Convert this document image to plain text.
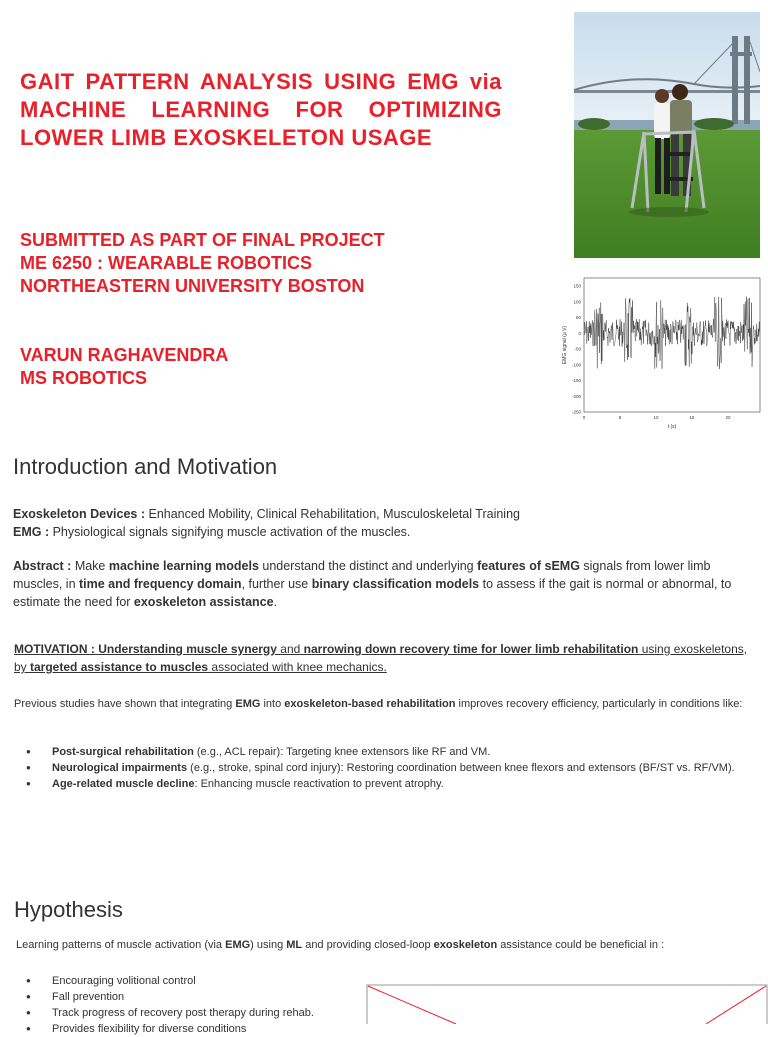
GAIT PATTERN ANALYSIS USING EMG via MACHINE LEARNING FOR OPTIMIZING LOWER LIMB EXOSKELETON USAGE
SUBMITTED AS PART OF FINAL PROJECT
ME 6250 : WEARABLE ROBOTICS
NORTHEASTERN UNIVERSITY BOSTON
VARUN RAGHAVENDRA
MS ROBOTICS
150
100
50
0
-50
-100
-150
-200
-250
0	5	10	15	20
EMG signal (μ V)
t (s)
Introduction and Motivation
Exoskeleton Devices : Enhanced Mobility, Clinical Rehabilitation, Musculoskeletal Training
EMG : Physiological signals signifying muscle activation of the muscles.
Abstract : Make machine learning models understand the distinct and underlying features of sEMG signals from lower limb muscles, in time and frequency domain, further use binary classification models to assess if the gait is normal or abnormal, to estimate the need for exoskeleton assistance.
MOTIVATION : Understanding muscle synergy and narrowing down recovery time for lower limb rehabilitation using exoskeletons, by targeted assistance to muscles associated with knee mechanics.
Previous studies have shown that integrating EMG into exoskeleton-based rehabilitation improves recovery efficiency, particularly in conditions like:
● Post-surgical rehabilitation (e.g., ACL repair): Targeting knee extensors like RF and VM.
● Neurological impairments (e.g., stroke, spinal cord injury): Restoring coordination between knee flexors and extensors (BF/ST vs. RF/VM).
● Age-related muscle decline: Enhancing muscle reactivation to prevent atrophy.
Hypothesis
Learning patterns of muscle activation (via EMG) using ML and providing closed-loop exoskeleton assistance could be beneficial in :
● Encouraging volitional control
● Fall prevention
● Track progress of recovery post therapy during rehab.
● Provides flexibility for diverse conditions
